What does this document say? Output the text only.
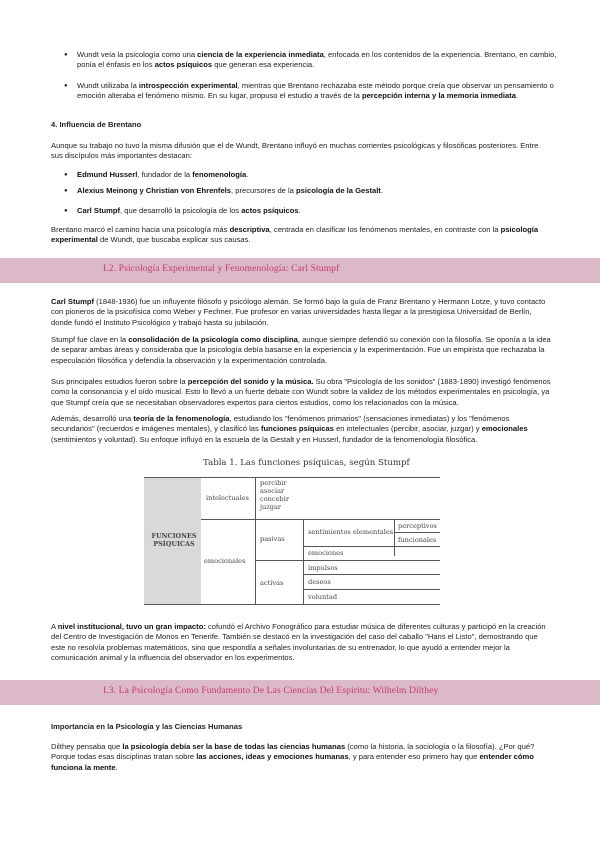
● Wundt veía la psicología como una ciencia de la experiencia inmediata, enfocada en los contenidos de la experiencia. Brentano, en cambio, ponía el énfasis en los actos psíquicos que generan esa experiencia.
● Wundt utilizaba la introspección experimental, mientras que Brentano rechazaba este método porque creía que observar un pensamiento o emoción alteraba el fenómeno mismo. En su lugar, propuso el estudio a través de la percepción interna y la memoria inmediata.
4. Influencia de Brentano
Aunque su trabajo no tuvo la misma difusión que el de Wundt, Brentano influyó en muchas corrientes psicológicas y filosóficas posteriores. Entre sus discípulos más importantes destacan:
● Edmund Husserl, fundador de la fenomenología.
● Alexius Meinong y Christian von Ehrenfels, precursores de la psicología de la Gestalt.
● Carl Stumpf, que desarrolló la psicología de los actos psíquicos.
Brentano marcó el camino hacia una psicología más descriptiva, centrada en clasificar los fenómenos mentales, en contraste con la psicología experimental de Wundt, que buscaba explicar sus causas.
I.2. Psicología Experimental y Fenomenología: Carl Stumpf
Carl Stumpf (1848-1936) fue un influyente filósofo y psicólogo alemán. Se formó bajo la guía de Franz Brentano y Hermann Lotze, y tuvo contacto con pioneros de la psicofísica como Weber y Fechner. Fue profesor en varias universidades hasta llegar a la prestigiosa Universidad de Berlín, donde fundó el Instituto Psicológico y trabajó hasta su jubilación.
Stumpf fue clave en la consolidación de la psicología como disciplina, aunque siempre defendió su conexión con la filosofía. Se oponía a la idea de separar ambas áreas y consideraba que la psicología debía basarse en la experiencia y la experimentación. Fue un empirista que rechazaba la especulación filosófica y defendía la observación y la experimentación controlada.
Sus principales estudios fueron sobre la percepción del sonido y la música. Su obra "Psicología de los sonidos" (1883-1890) investigó fenómenos como la consonancia y el oído musical. Esto lo llevó a un fuerte debate con Wundt sobre la validez de los métodos experimentales en psicología, ya que Stumpf creía que se necesitaban observadores expertos para ciertos estudios, como los relacionados con la música.
Además, desarrolló una teoría de la fenomenología, estudiando los "fenómenos primarios" (sensaciones inmediatas) y los "fenómenos secundarios" (recuerdos e imágenes mentales), y clasificó las funciones psíquicas en intelectuales (percibir, asociar, juzgar) y emocionales (sentimientos y voluntad). Su enfoque influyó en la escuela de la Gestalt y en Husserl, fundador de la fenomenología filosófica.
Tabla 1. Las funciones psíquicas, según Stumpf
FUNCIONES PSÍQUICAS
intelectuales
percibir
asociar
concebir
juzgar
emocionales
pasivas
sentimientos elementales
perceptivos
funcionales
emociones
activas
impulsos
deseos
voluntad
A nivel institucional, tuvo un gran impacto: cofundó el Archivo Fonográfico para estudiar música de diferentes culturas y participó en la creación del Centro de Investigación de Monos en Tenerife. También se destacó en la investigación del caso del caballo "Hans el Listo", demostrando que este no resolvía problemas matemáticos, sino que respondía a señales involuntarias de su entrenador, lo que ayudó a entender mejor la comunicación animal y la influencia del observador en los experimentos.
I.3. La Psicología Como Fundamento De Las Ciencias Del Espíritu: Wilhelm Dilthey
Importancia en la Psicología y las Ciencias Humanas
Dilthey pensaba que la psicología debía ser la base de todas las ciencias humanas (como la historia, la sociología o la filosofía). ¿Por qué? Porque todas esas disciplinas tratan sobre las acciones, ideas y emociones humanas, y para entender eso primero hay que entender cómo funciona la mente.
